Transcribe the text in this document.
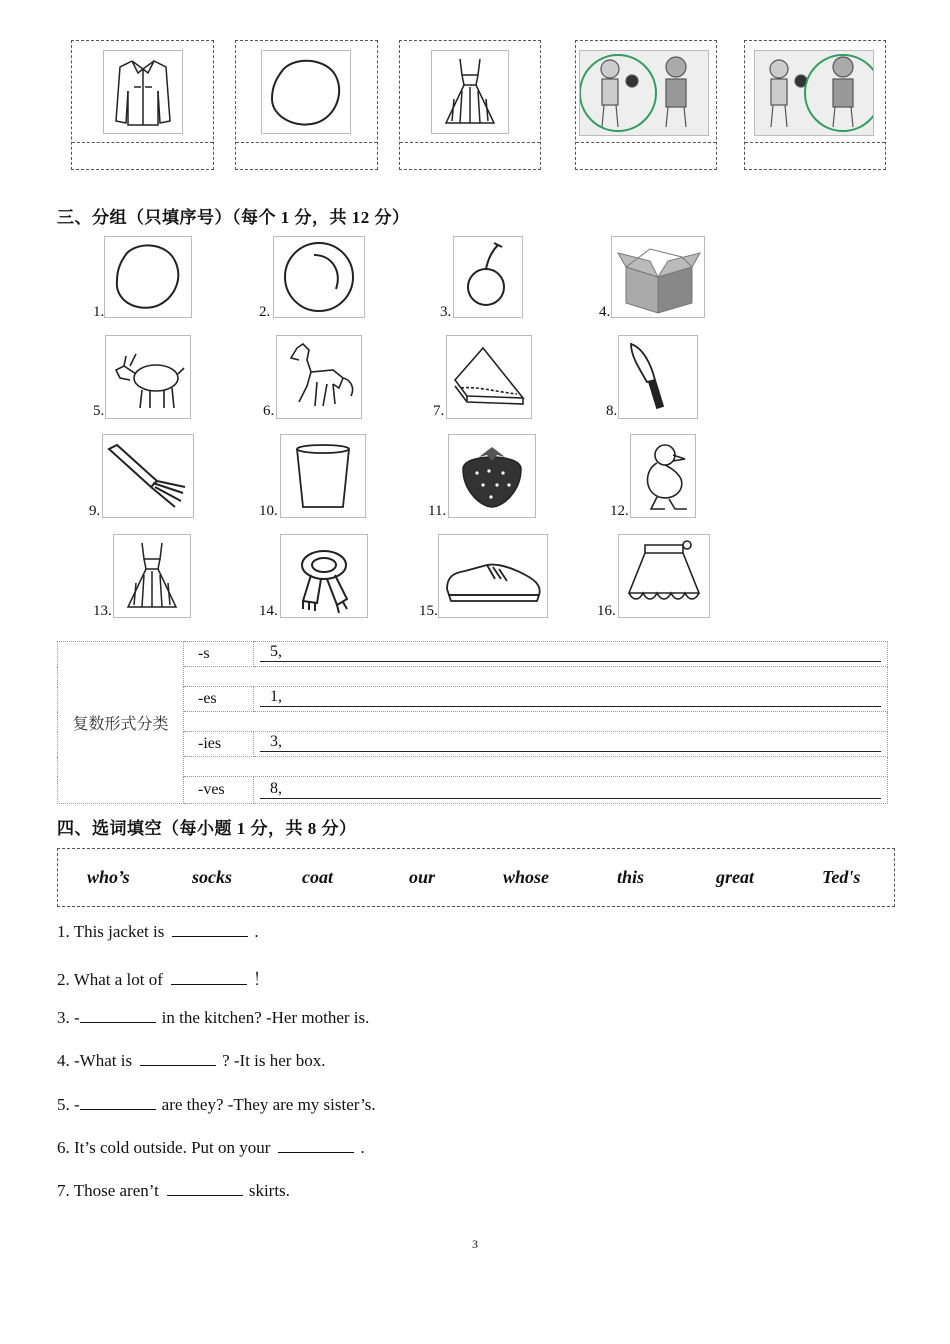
三、分组（只填序号）（每个 1 分，共 12 分）
1.	2.	3.	4.
5.	6.	7.	8.
9.	10.	11.	12.
13.	14.	15.	16.
复数形式分类	-s	5,

	-es	1,

	-ies	3,

	-ves	8,
四、选词填空（每小题 1 分，共 8 分）
who’s	socks	coat	our	whose	this	great	Ted's
1. This jacket is	.
2. What a lot of	！
3. -	in the kitchen? -Her mother is.
4. -What is	? -It is her box.
5. -	are they? -They are my sister’s.
6. It’s cold outside. Put on your	.
7. Those aren’t	skirts.
3
